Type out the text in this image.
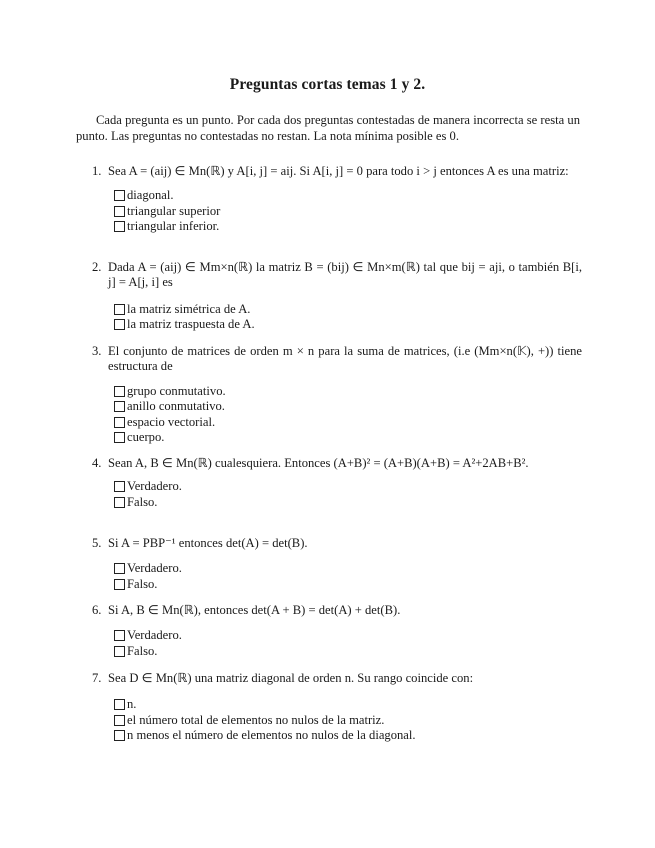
Preguntas cortas temas 1 y 2.

Cada pregunta es un punto. Por cada dos preguntas contestadas de manera incorrecta se resta un punto. Las preguntas no contestadas no restan. La nota mínima posible es 0.

1. Sea A = (aij) ∈ Mn(ℝ) y A[i, j] = aij. Si A[i, j] = 0 para todo i > j entonces A es una matriz:
diagonal.
triangular superior
triangular inferior.
2. Dada A = (aij) ∈ Mm×n(ℝ) la matriz B = (bij) ∈ Mn×m(ℝ) tal que bij = aji, o también B[i, j] = A[j, i] es
la matriz simétrica de A.
la matriz traspuesta de A.
3. El conjunto de matrices de orden m × n para la suma de matrices, (i.e (Mm×n(𝕂), +)) tiene estructura de
grupo conmutativo.
anillo conmutativo.
espacio vectorial.
cuerpo.
4. Sean A, B ∈ Mn(ℝ) cualesquiera. Entonces (A+B)² = (A+B)(A+B) = A²+2AB+B².
Verdadero.
Falso.
5. Si A = PBP⁻¹ entonces det(A) = det(B).
Verdadero.
Falso.
6. Si A, B ∈ Mn(ℝ), entonces det(A + B) = det(A) + det(B).
Verdadero.
Falso.
7. Sea D ∈ Mn(ℝ) una matriz diagonal de orden n. Su rango coincide con:
n.
el número total de elementos no nulos de la matriz.
n menos el número de elementos no nulos de la diagonal.
